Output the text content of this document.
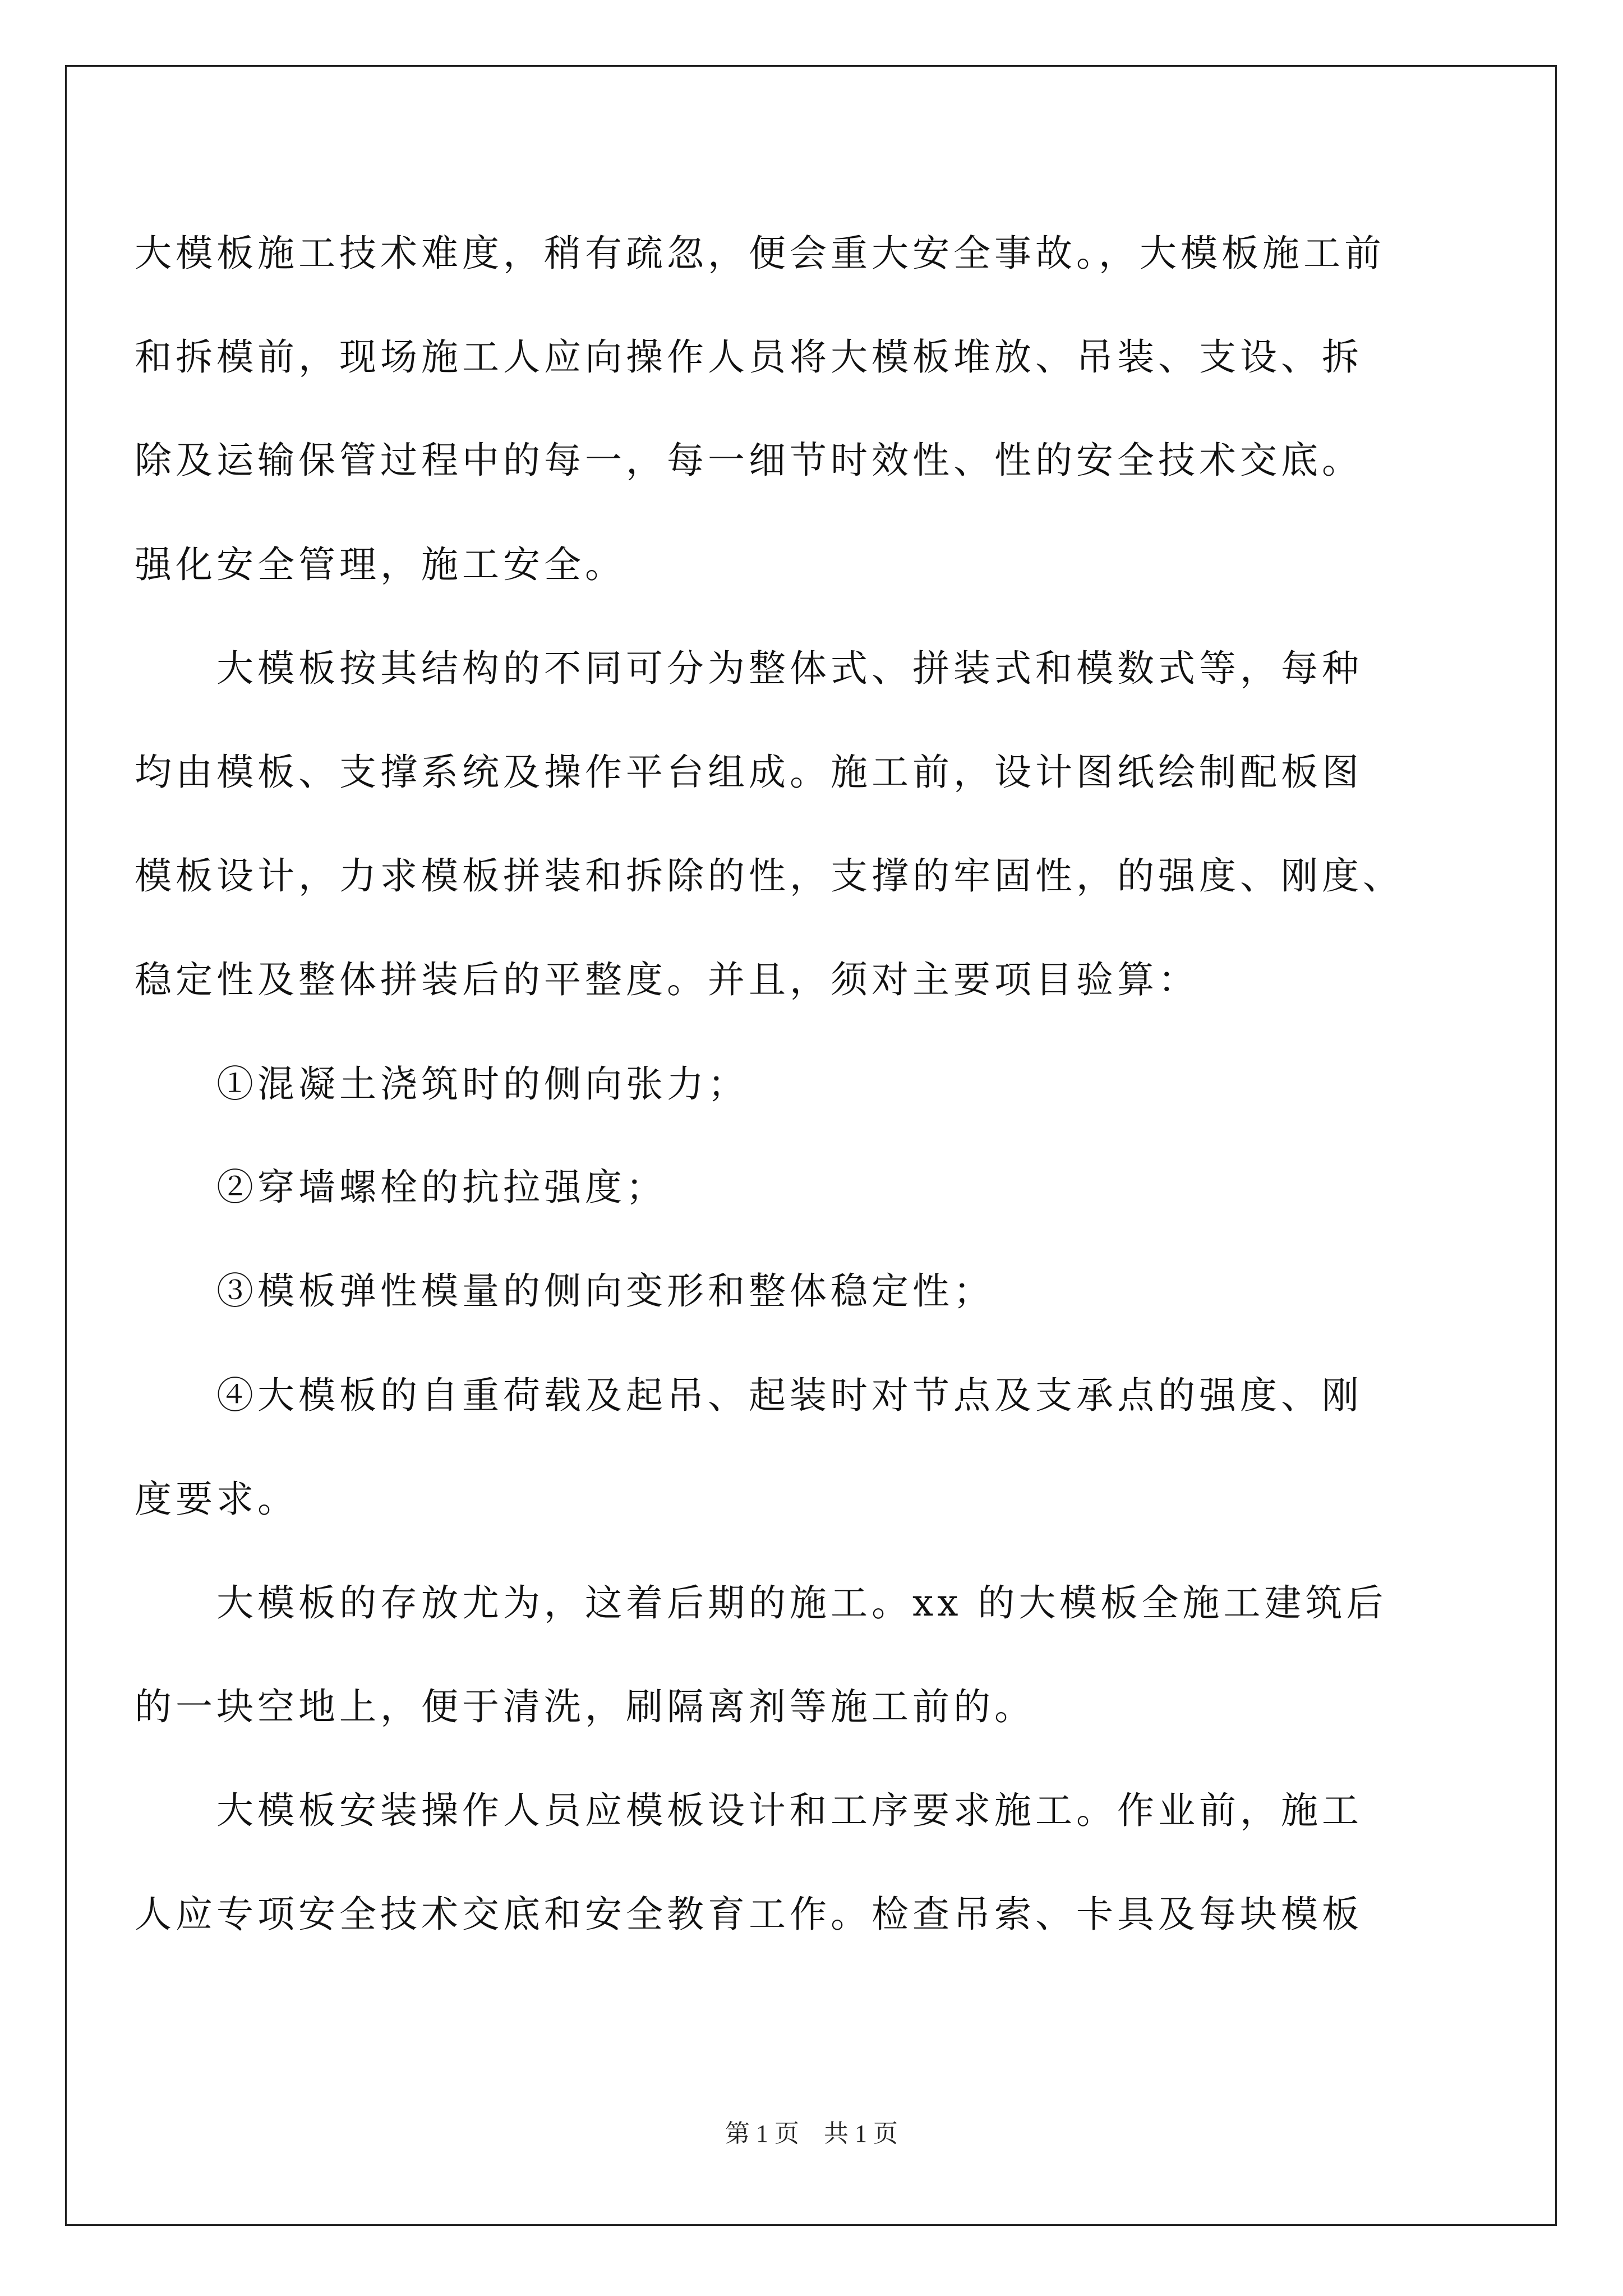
大模板施工技术难度，稍有疏忽，便会重大安全事故。，大模板施工前
和拆模前，现场施工人应向操作人员将大模板堆放、吊装、支设、拆
除及运输保管过程中的每一，每一细节时效性、性的安全技术交底。
强化安全管理，施工安全。
大模板按其结构的不同可分为整体式、拼装式和模数式等，每种
均由模板、支撑系统及操作平台组成。施工前，设计图纸绘制配板图
模板设计，力求模板拼装和拆除的性，支撑的牢固性，的强度、刚度、
稳定性及整体拼装后的平整度。并且，须对主要项目验算：
①混凝土浇筑时的侧向张力；
②穿墙螺栓的抗拉强度；
③模板弹性模量的侧向变形和整体稳定性；
④大模板的自重荷载及起吊、起装时对节点及支承点的强度、刚
度要求。
大模板的存放尤为，这着后期的施工。xx 的大模板全施工建筑后
的一块空地上，便于清洗，刷隔离剂等施工前的。
大模板安装操作人员应模板设计和工序要求施工。作业前，施工
人应专项安全技术交底和安全教育工作。检查吊索、卡具及每块模板
第 1 页　共 1 页
